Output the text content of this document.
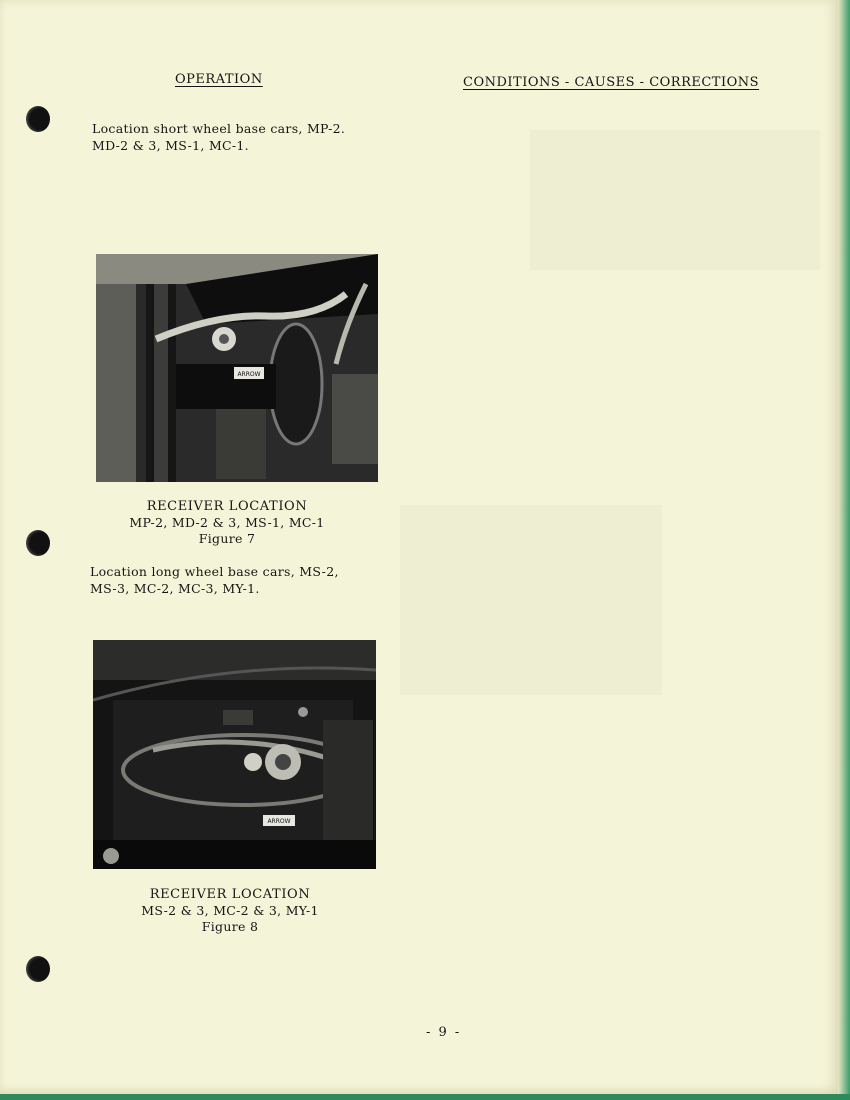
OPERATION	CONDITIONS - CAUSES - CORRECTIONS
Location short wheel base cars, MP-2.
MD-2 & 3, MS-1, MC-1.
ARROW
RECEIVER LOCATION
MP-2, MD-2 & 3, MS-1, MC-1
Figure 7
Location long wheel base cars, MS-2,
MS-3, MC-2, MC-3, MY-1.
ARROW
RECEIVER LOCATION
MS-2 & 3, MC-2 & 3, MY-1
Figure 8
- 9 -
